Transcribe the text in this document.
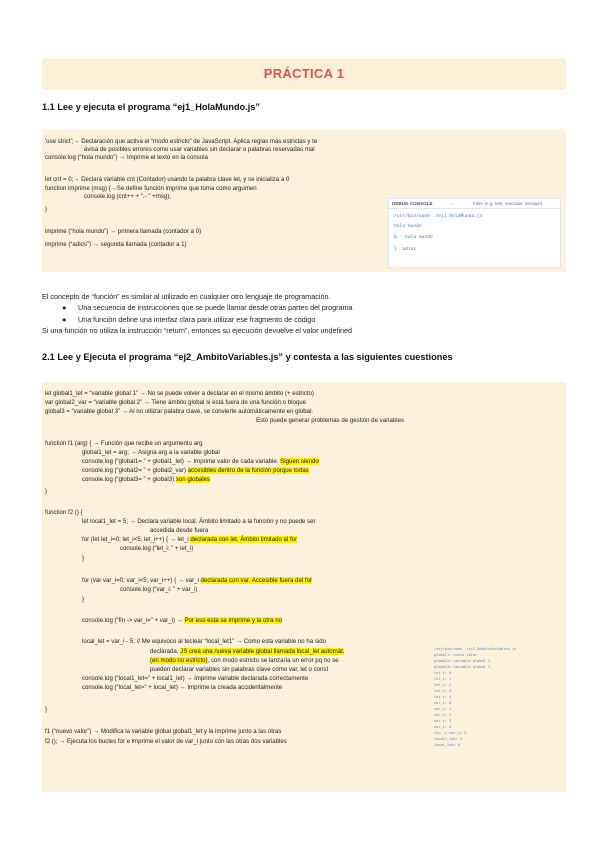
PRÁCTICA 1
1.1 Lee y ejecuta el programa “ej1_HolaMundo.js”
'use strict';→ Declaración que activa el “modo estricto” de JavaScript. Aplica reglas más estrictas y te
avisa de posibles errores como usar variables sin declarar o palabras reservadas mal
console.log (“hola mundo”) → Imprime el texto en la consola
let cnt = 0;→ Declara variable cnt (Contador) usando la palabra clave let, y se inicializa a 0
function imprime (msg) {→Se define función imprime que toma como argumen
console.log (cnt++ + ".- " +msg);
}
imprime (“hola mundo”) → primera llamada (contador a 0)
imprime (“adios”) → segunda llamada (contador a 1)
DEBUG CONSOLE	···	Filter (e.g. text, !exclude, \escape)
/usr/bin/node ./ej1_HolaMundo.js
hola mundo
0.- hola mundo
1. adios
El concepto de “función” es similar al utilizado en cualquier otro lenguaje de programación.
● Una secuencia de instrucciones que se puede llamar desde otras partes del programa
● Una función define una interfaz clara para utilizar ese fragmento de código
Si una función no utiliza la instrucción “return”, entonces su ejecución devuelve el valor undefined
2.1 Lee y Ejecuta el programa “ej2_AmbitoVariables.js” y contesta a las siguientes cuestiones
let global1_let = “variable global 1” → No se puede volver a declarar en el mismo ámbito (+ estricto)
var global2_var = “variable global 2” → Tiene ámbito global si está fuera de una función o bloque
global3 = “variable global 3” → Al no utilizar palabra clave, se convierte automáticamente en global.
Esto puede generar problemas de gestión de variables
function f1 (arg) { → Función que recibe un argumento arg
global1_let = arg; → Asigna arg a la variable global
console.log (“global1= ” + global1_let) → Imprime valor de cada variable. Siguen siendo
console.log (“global2= ” + global2_var) accesibles dentro de la función porque todas
console.log (“global3= ” + global3) son globales
}
function f2 () {
let local1_let = 5; → Declara variable local. Ámbito limitado a la función y no puede ser
accedida desde fuera
for (let let_i=0; let_i<5; let_i++) { → let_i declarada con let. Ámbito limitado al for
console.log (“let_i: ” + let_i)
}
for (var var_i=0; var_i<5; var_i++) { → var_i declarada con var. Accesible fuera del for
console.log (“var_i: ” + var_i)
}
console.log (“fin -> var_i=” + var_i) → Por eso esta se imprime y la otra no
local_let = var_i - 5; // Me equivoco al teclear “local_let1” → Como esta variable no ha sido
declarada, JS crea una nueva variable global llamada local_let automát.
(en modo no estricto), con modo estricto se lanzaría un error pq no se
pueden declarar variables sin palabras clave como var, let o const
console.log (“local1_let=” + local1_let) → Imprime variable declarada correctamente
console.log (“local_let=” + local_let) → Imprime la creada accidentalmente
}
f1 (“nuevo valor”) → Modifica la variable global global1_let y la imprime junto a las otras
f2 (); → Ejecuta los bucles for e imprime el valor de var_i junto con las otras dos variables
/usr/bin/node ./ej2_AmbitoVariables.js
global1: nuevo valor
global2= variable global 2
global3= variable global 3
let_i: 0
let_i: 1
let_i: 2
let_i: 3
let_i: 4
var_i: 0
var_i: 1
var_i: 2
var_i: 3
var_i: 4
fin -> var_i= 5
local1_let= 5
local_let= 0
